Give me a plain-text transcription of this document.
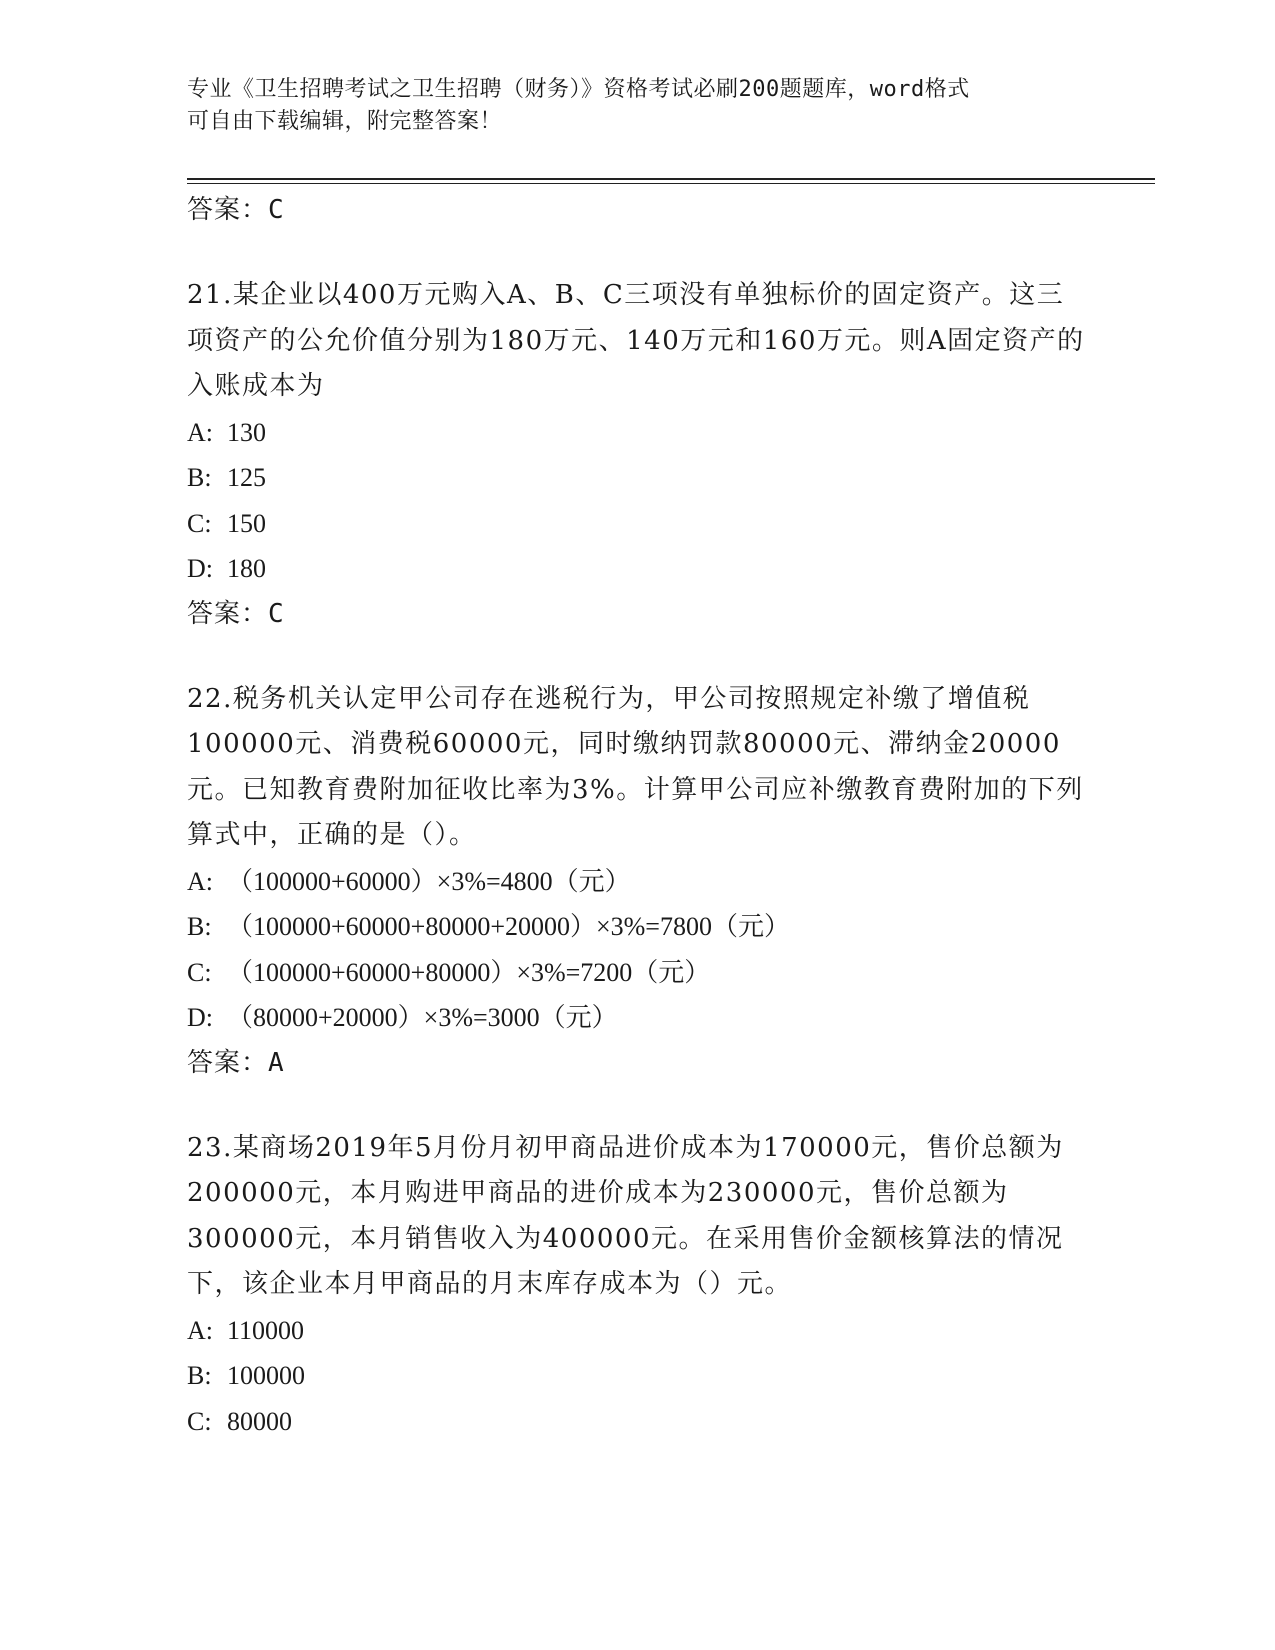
专业《卫生招聘考试之卫生招聘（财务）》资格考试必刷200题题库，word格式
可自由下载编辑，附完整答案！
答案：C
21.某企业以400万元购入A、B、C三项没有单独标价的固定资产。这三项资产的公允价值分别为180万元、140万元和160万元。则A固定资产的入账成本为
A: 130
B: 125
C: 150
D: 180
答案：C
22.税务机关认定甲公司存在逃税行为，甲公司按照规定补缴了增值税100000元、消费税60000元，同时缴纳罚款80000元、滞纳金20000元。已知教育费附加征收比率为3%。计算甲公司应补缴教育费附加的下列算式中，正确的是（）。
A: （100000+60000）×3%=4800（元）
B: （100000+60000+80000+20000）×3%=7800（元）
C: （100000+60000+80000）×3%=7200（元）
D: （80000+20000）×3%=3000（元）
答案：A
23.某商场2019年5月份月初甲商品进价成本为170000元，售价总额为200000元，本月购进甲商品的进价成本为230000元，售价总额为300000元，本月销售收入为400000元。在采用售价金额核算法的情况下，该企业本月甲商品的月末库存成本为（）元。
A: 110000
B: 100000
C: 80000
